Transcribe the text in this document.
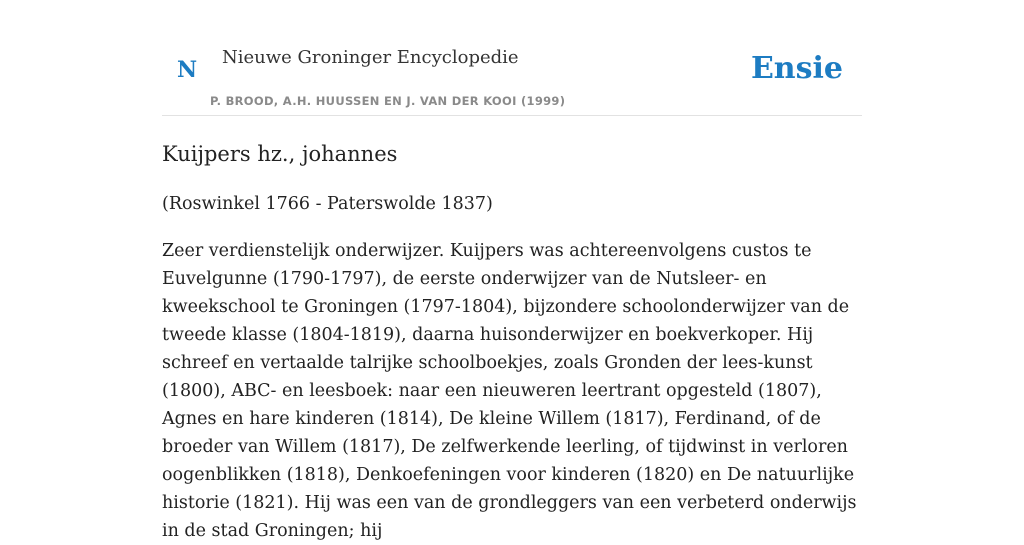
N Nieuwe Groninger Encyclopedie
P. BROOD, A.H. HUUSSEN EN J. VAN DER KOOI (1999)
Ensie
Kuijpers hz., johannes

(Roswinkel 1766 - Paterswolde 1837)

Zeer verdienstelijk onderwijzer. Kuijpers was achtereenvolgens custos te Euvelgunne (1790-1797), de eerste onderwijzer van de Nutsleer- en kweekschool te Groningen (1797-1804), bijzondere schoolonderwijzer van de tweede klasse (1804-1819), daarna huisonderwijzer en boekverkoper. Hij schreef en vertaalde talrijke schoolboekjes, zoals Gronden der lees-kunst (1800), ABC- en leesboek: naar een nieuweren leertrant opgesteld (1807), Agnes en hare kinderen (1814), De kleine Willem (1817), Ferdinand, of de broeder van Willem (1817), De zelfwerkende leerling, of tijdwinst in verloren oogenblikken (1818), Denkoefeningen voor kinderen (1820) en De natuurlijke historie (1821). Hij was een van de grondleggers van een verbeterd onderwijs in de stad Groningen; hij
